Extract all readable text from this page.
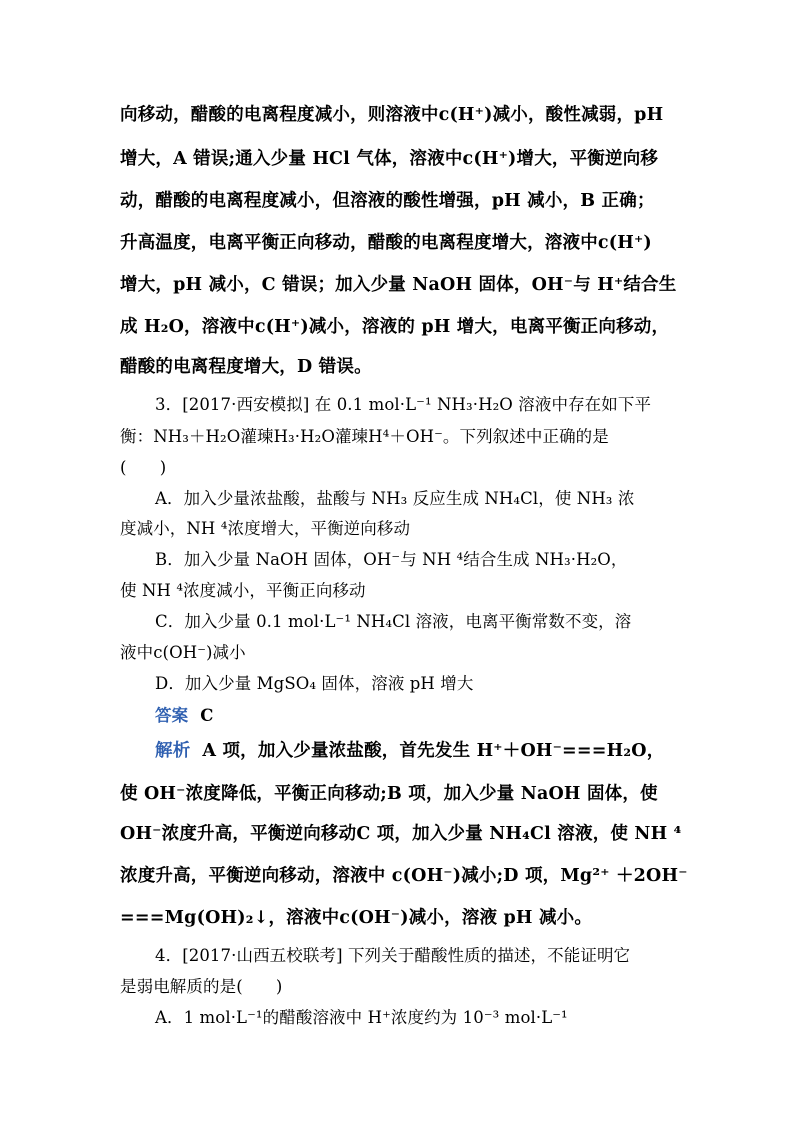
向移动，醋酸的电离程度减小，则溶液中c(H⁺)减小，酸性减弱，pH
增大，A 错误;通入少量 HCl 气体，溶液中c(H⁺)增大，平衡逆向移
动，醋酸的电离程度减小，但溶液的酸性增强，pH 减小，B 正确；
升高温度，电离平衡正向移动，醋酸的电离程度增大，溶液中c(H⁺)
增大，pH 减小，C 错误；加入少量 NaOH 固体，OH⁻与 H⁺结合生
成 H₂O，溶液中c(H⁺)减小，溶液的 pH 增大，电离平衡正向移动，
醋酸的电离程度增大，D 错误。
3．[2017·西安模拟] 在 0.1 mol·L⁻¹ NH₃·H₂O 溶液中存在如下平
衡：NH₃＋H₂O灌瑓H₃·H₂O灌瑓H⁴＋OH⁻。下列叙述中正确的是
(　　)
A．加入少量浓盐酸，盐酸与 NH₃ 反应生成 NH₄Cl，使 NH₃ 浓
度减小，NH ⁴浓度增大，平衡逆向移动
B．加入少量 NaOH 固体，OH⁻与 NH ⁴结合生成 NH₃·H₂O，
使 NH ⁴浓度减小，平衡正向移动
C．加入少量 0.1 mol·L⁻¹ NH₄Cl 溶液，电离平衡常数不变，溶
液中c(OH⁻)减小
D．加入少量 MgSO₄ 固体，溶液 pH 增大
答案 C
解析 A 项，加入少量浓盐酸，首先发生 H⁺＋OH⁻===H₂O，
使 OH⁻浓度降低，平衡正向移动;B 项，加入少量 NaOH 固体，使
OH⁻浓度升高，平衡逆向移动C 项，加入少量 NH₄Cl 溶液，使 NH ⁴
浓度升高，平衡逆向移动，溶液中 c(OH⁻)减小;D 项，Mg²⁺ ＋2OH⁻
===Mg(OH)₂↓，溶液中c(OH⁻)减小，溶液 pH 减小。
4．[2017·山西五校联考] 下列关于醋酸性质的描述，不能证明它
是弱电解质的是(　　)
A．1 mol·L⁻¹的醋酸溶液中 H⁺浓度约为 10⁻³ mol·L⁻¹
